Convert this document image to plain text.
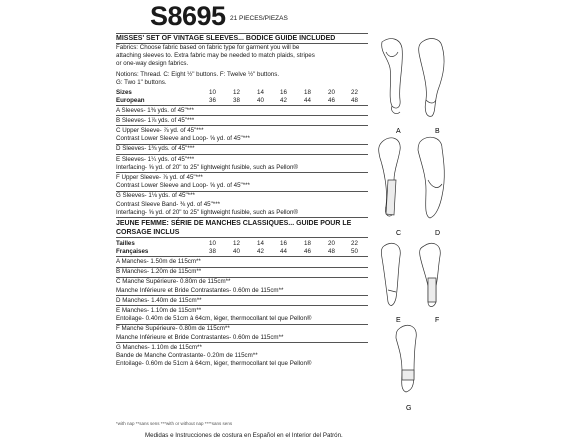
S8695 21 PIECES/PIEZAS
MISSES' SET OF VINTAGE SLEEVES... BODICE GUIDE INCLUDED
Fabrics: Choose fabric based on fabric type for garment you will be
attaching sleeves to. Extra fabric may be needed to match plaids, stripes
or one-way design fabrics.
Notions: Thread. C: Eight ½" buttons. F: Twelve ½" buttons.
G: Two 1" buttons.
Sizes	10	12	14	16	18	20	22
European	36	38	40	42	44	46	48
A Sleeves- 1⅜ yds. of 45"***
B Sleeves- 1⅞ yds. of 45"***
C Upper Sleeve- ⅞ yd. of 45"***
Contrast Lower Sleeve and Loop- ⅝ yd. of 45"***
D Sleeves- 1⅜ yds. of 45"***
E Sleeves- 1¼ yds. of 45"***
Interfacing- ⅝ yd. of 20" to 25" lightweight fusible, such as Pellon®
F Upper Sleeve- ⅞ yd. of 45"***
Contrast Lower Sleeve and Loop- ⅝ yd. of 45"***
G Sleeves- 1⅛ yds. of 45"***
Contrast Sleeve Band- ⅜ yd. of 45"***
Interfacing- ⅝ yd. of 20" to 25" lightweight fusible, such as Pellon®
JEUNE FEMME: SÉRIE DE MANCHES CLASSIQUES... GUIDE POUR LE
CORSAGE INCLUS
Tailles	10	12	14	16	18	20	22
Françaises	38	40	42	44	46	48	50
A Manches- 1.50m de 115cm**
B Manches- 1.20m de 115cm**
C Manche Supérieure- 0.80m de 115cm**
Manche Inférieure et Bride Contrastantes- 0.60m de 115cm**
D Manches- 1.40m de 115cm**
E Manches- 1.10m de 115cm**
Entoilage- 0.40m de 51cm à 64cm, léger, thermocollant tel que Pellon®
F Manche Supérieure- 0.80m de 115cm**
Manche Inférieure et Bride Contrastantes- 0.60m de 115cm**
G Manches- 1.10m de 115cm**
Bande de Manche Contrastante- 0.20m de 115cm**
Entoilage- 0.60m de 51cm à 64cm, léger, thermocollant tel que Pellon®
*with nap **sans sens ***with or without nap ****sans sens
Medidas e Instrucciones de costura en Español en el Interior del Patrón.
A	B
C	D
E	F
G
